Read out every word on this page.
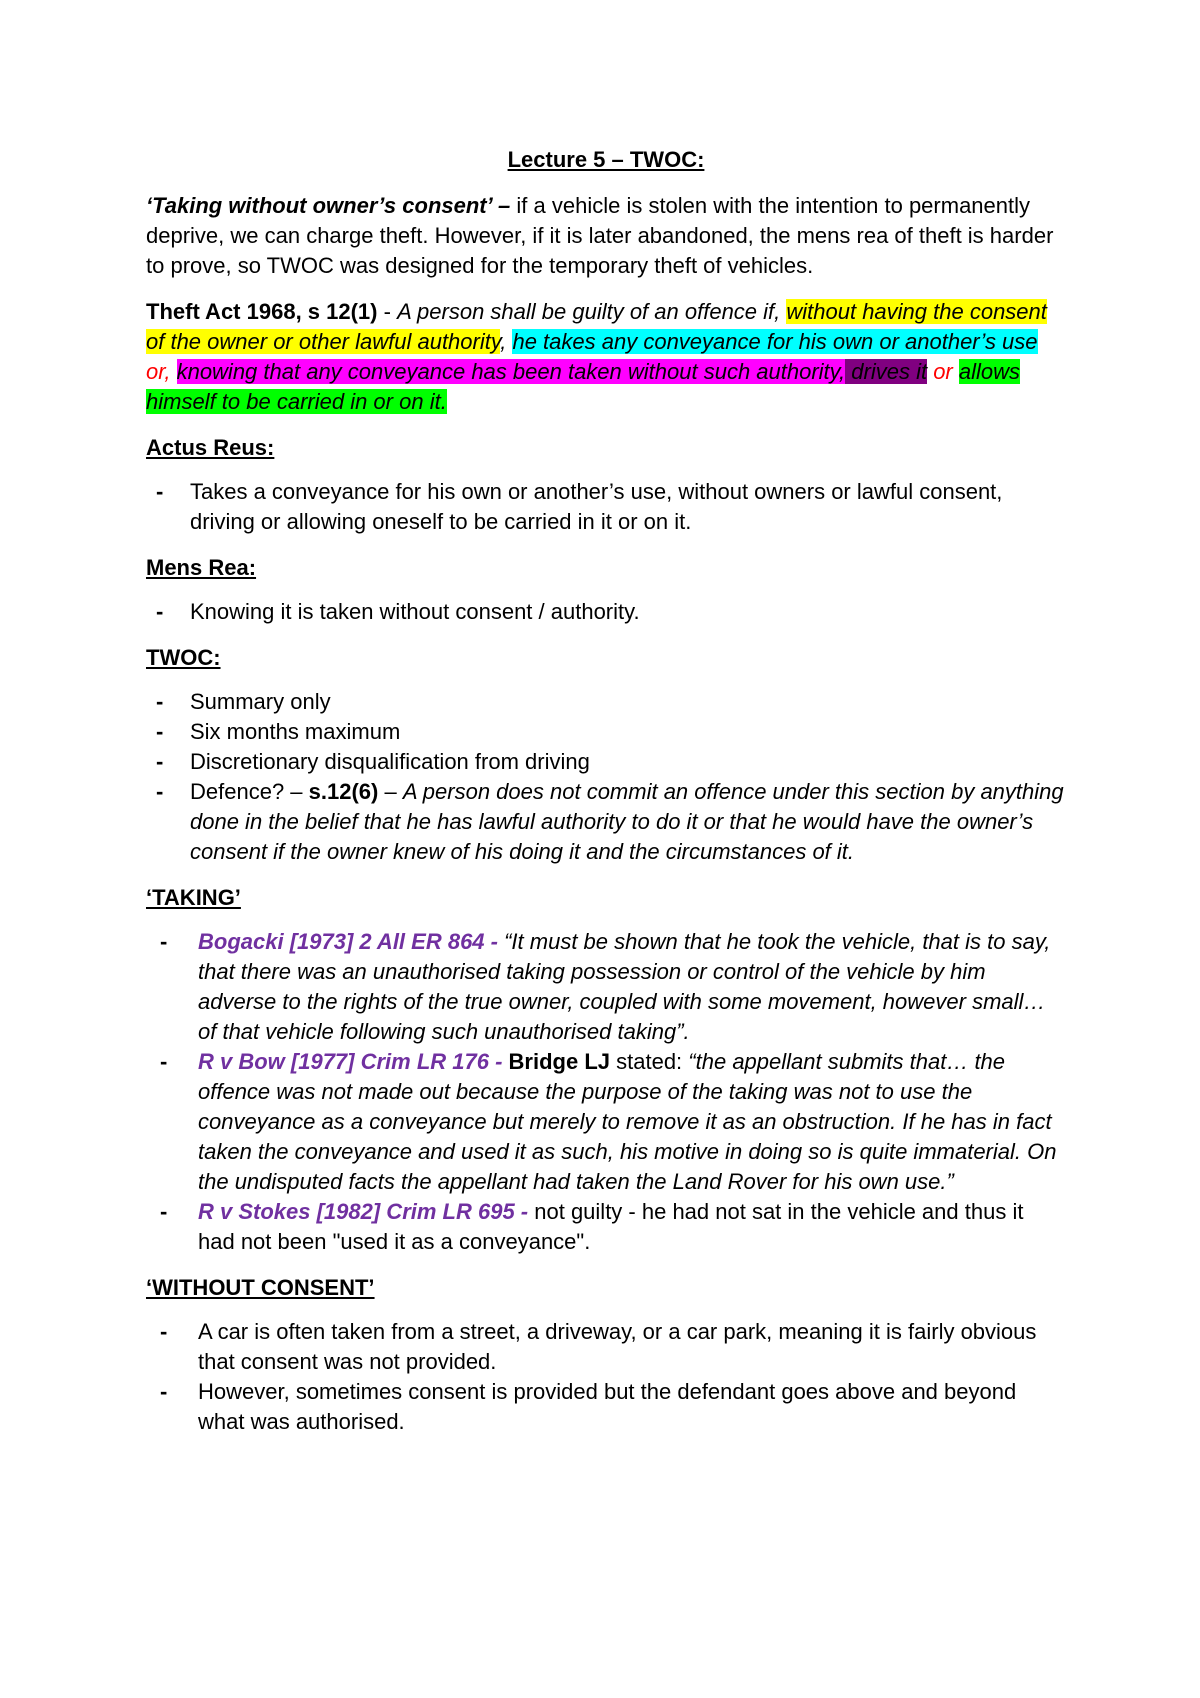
Lecture 5 – TWOC:

‘Taking without owner’s consent’ – if a vehicle is stolen with the intention to permanently deprive, we can charge theft. However, if it is later abandoned, the mens rea of theft is harder to prove, so TWOC was designed for the temporary theft of vehicles.

Theft Act 1968, s 12(1) - A person shall be guilty of an offence if, without having the consent of the owner or other lawful authority, he takes any conveyance for his own or another’s use or, knowing that any conveyance has been taken without such authority, drives it or allows himself to be carried in or on it.

Actus Reus:
- Takes a conveyance for his own or another’s use, without owners or lawful consent, driving or allowing oneself to be carried in it or on it.
Mens Rea:
- Knowing it is taken without consent / authority.
TWOC:
- Summary only
- Six months maximum
- Discretionary disqualification from driving
- Defence? – s.12(6) – A person does not commit an offence under this section by anything done in the belief that he has lawful authority to do it or that he would have the owner’s consent if the owner knew of his doing it and the circumstances of it.
‘TAKING’
- Bogacki [1973] 2 All ER 864 - “It must be shown that he took the vehicle, that is to say, that there was an unauthorised taking possession or control of the vehicle by him adverse to the rights of the true owner, coupled with some movement, however small… of that vehicle following such unauthorised taking”.
- R v Bow [1977] Crim LR 176 - Bridge LJ stated: “the appellant submits that… the offence was not made out because the purpose of the taking was not to use the conveyance as a conveyance but merely to remove it as an obstruction. If he has in fact taken the conveyance and used it as such, his motive in doing so is quite immaterial. On the undisputed facts the appellant had taken the Land Rover for his own use.”
- R v Stokes [1982] Crim LR 695 - not guilty - he had not sat in the vehicle and thus it had not been "used it as a conveyance".
‘WITHOUT CONSENT’
- A car is often taken from a street, a driveway, or a car park, meaning it is fairly obvious that consent was not provided.
- However, sometimes consent is provided but the defendant goes above and beyond what was authorised.
